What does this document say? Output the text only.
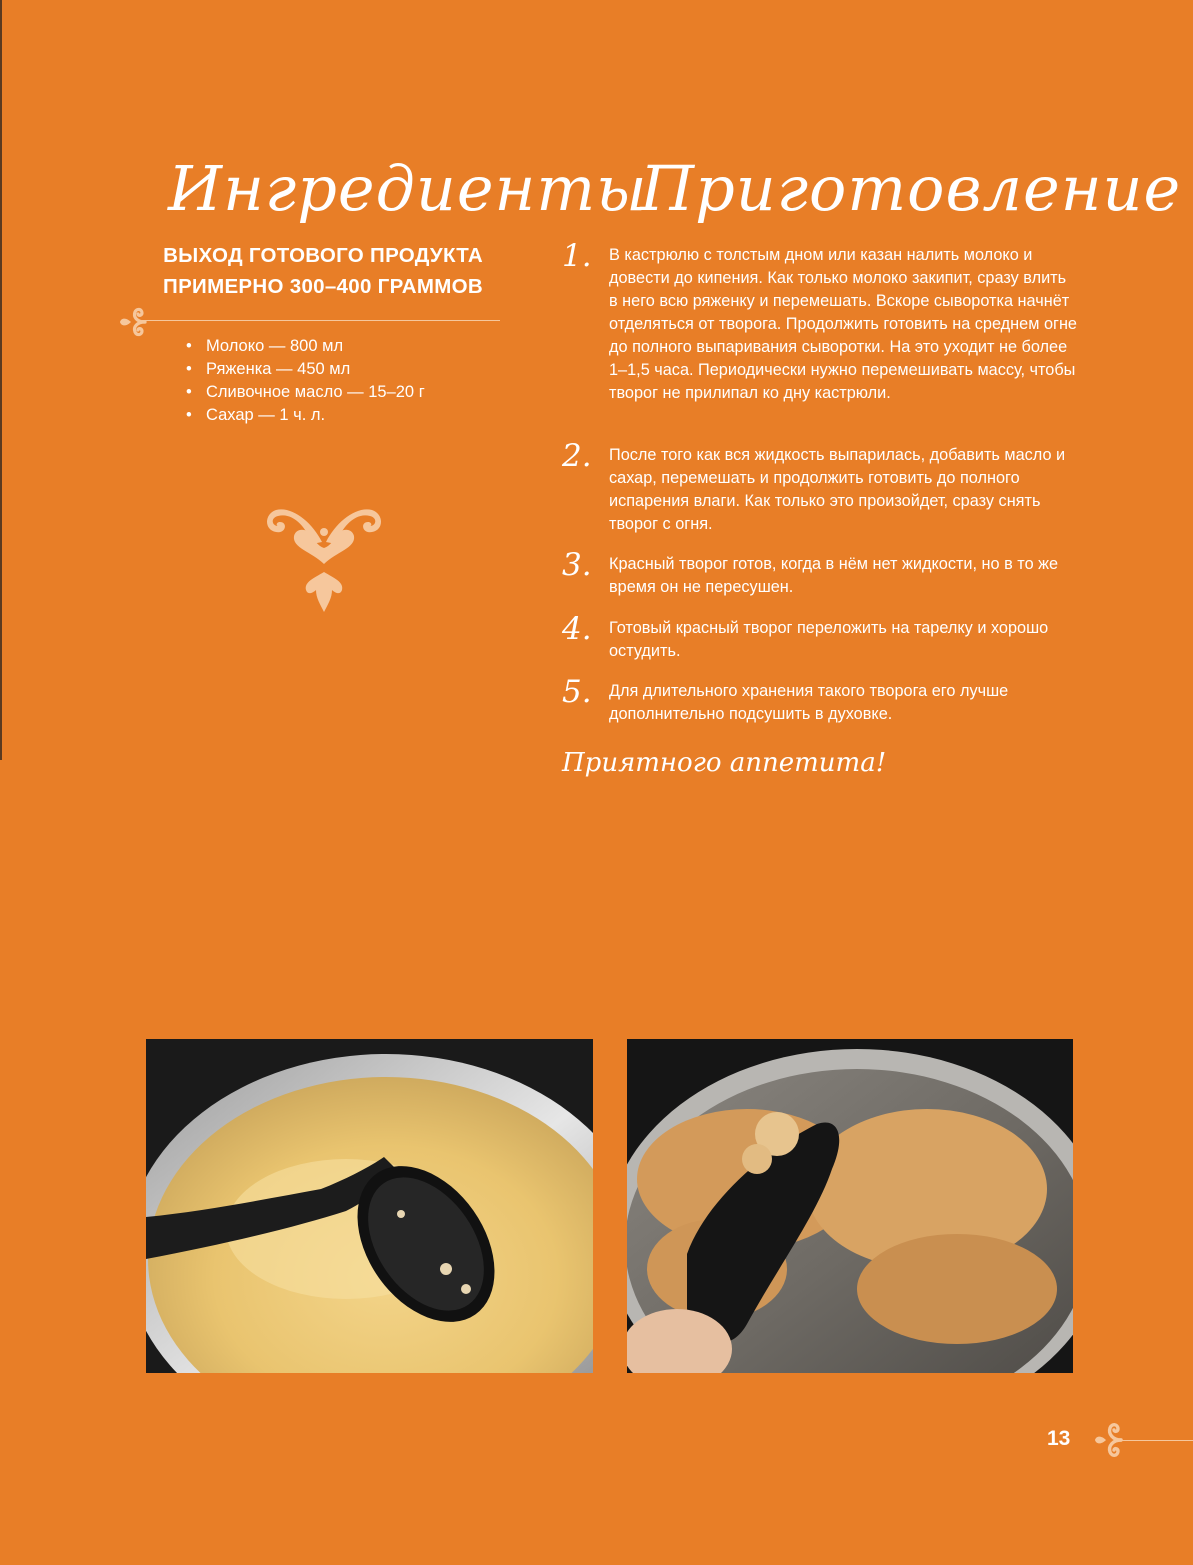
Ингредиенты
ВЫХОД ГОТОВОГО ПРОДУКТА
ПРИМЕРНО 300–400 ГРАММОВ
• Молоко — 800 мл
• Ряженка — 450 мл
• Сливочное масло — 15–20 г
• Сахар — 1 ч. л.
Приготовление
1. В кастрюлю с толстым дном или казан налить молоко и довести до кипения. Как только молоко закипит, сразу влить в него всю ряженку и перемешать. Вскоре сыворотка начнёт отделяться от творога. Продолжить готовить на среднем огне до полного выпаривания сыворотки. На это уходит не более 1–1,5 часа. Периодически нужно перемешивать массу, чтобы творог не прилипал ко дну кастрюли.
2. После того как вся жидкость выпарилась, добавить масло и сахар, перемешать и продолжить готовить до полного испарения влаги. Как только это произойдет, сразу снять творог с огня.
3. Красный творог готов, когда в нём нет жидкости, но в то же время он не пересушен.
4. Готовый красный творог переложить на тарелку и хорошо остудить.
5. Для длительного хранения такого творога его лучше дополнительно подсушить в духовке.
Приятного аппетита!
13
